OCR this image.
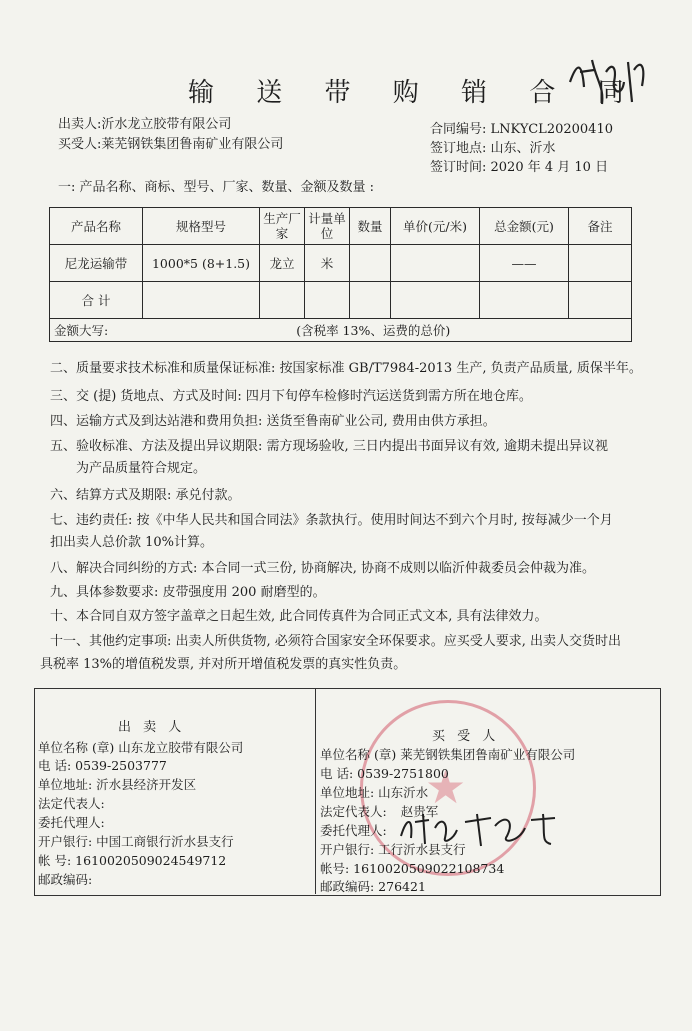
输 送 带 购 销 合 同
出卖人:沂水龙立胶带有限公司
买受人:莱芜钢铁集团鲁南矿业有限公司
合同编号: LNKYCL20200410
签订地点: 山东、沂水
签订时间: 2020 年 4 月 10 日
一: 产品名称、商标、型号、厂家、数量、金额及数量 :
产品名称	规格型号	生产厂家	计量单位	数量	单价(元/米)	总金额(元)	备注
尼龙运输带	1000*5 (8+1.5)	龙立	米			——	
合 计							
金额大写: (含税率 13%、运费的总价)							
二、质量要求技术标准和质量保证标准: 按国家标准 GB/T7984-2013 生产, 负责产品质量, 质保半年。
三、交 (提) 货地点、方式及时间: 四月下旬停车检修时汽运送货到需方所在地仓库。
四、运输方式及到达站港和费用负担: 送货至鲁南矿业公司, 费用由供方承担。
五、验收标准、方法及提出异议期限: 需方现场验收, 三日内提出书面异议有效, 逾期未提出异议视
为产品质量符合规定。
六、结算方式及期限: 承兑付款。
七、违约责任: 按《中华人民共和国合同法》条款执行。使用时间达不到六个月时, 按每减少一个月
扣出卖人总价款 10%计算。
八、解决合同纠纷的方式: 本合同一式三份, 协商解决, 协商不成则以临沂仲裁委员会仲裁为准。
九、具体参数要求: 皮带强度用 200 耐磨型的。
十、本合同自双方签字盖章之日起生效, 此合同传真件为合同正式文本, 具有法律效力。
十一、其他约定事项: 出卖人所供货物, 必须符合国家安全环保要求。应买受人要求, 出卖人交货时出
具税率 13%的增值税发票, 并对所开增值税发票的真实性负责。
出 卖 人
单位名称 (章) 山东龙立胶带有限公司
电 话: 0539-2503777
单位地址: 沂水县经济开发区
法定代表人:
委托代理人:
开户银行: 中国工商银行沂水县支行
帐 号: 1610020509024549712
邮政编码:
★
买 受 人
单位名称 (章) 莱芜钢铁集团鲁南矿业有限公司
电 话: 0539-2751800
单位地址: 山东沂水
法定代表人: 赵贵军
委托代理人:
开户银行: 工行沂水县支行
帐号: 1610020509022108734
邮政编码: 276421
